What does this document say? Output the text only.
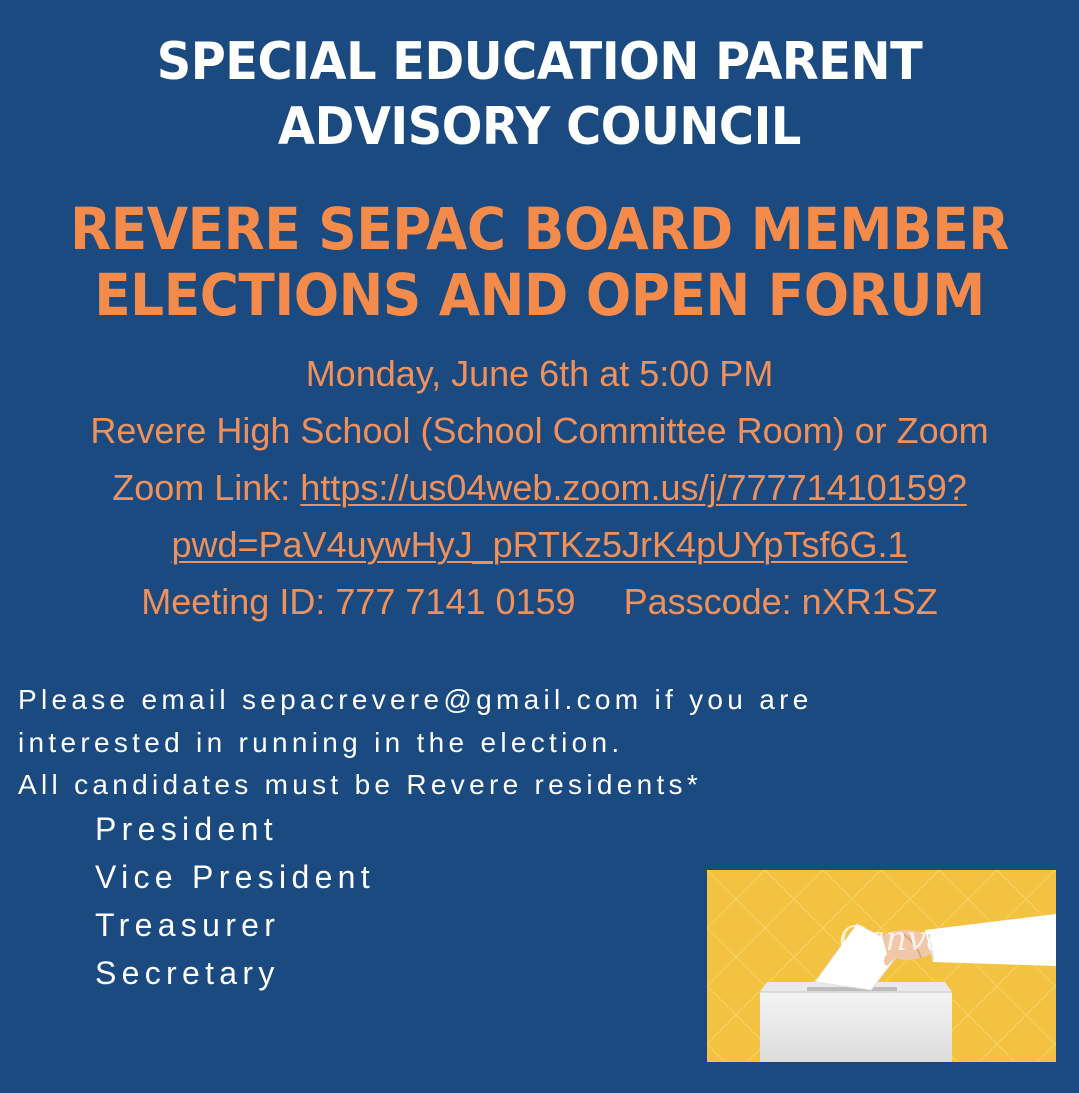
SPECIAL EDUCATION PARENT
ADVISORY COUNCIL
REVERE SEPAC BOARD MEMBER
ELECTIONS AND OPEN FORUM
Monday, June 6th at 5:00 PM
Revere High School (School Committee Room) or Zoom
Zoom Link: https://us04web.zoom.us/j/77771410159?
pwd=PaV4uywHyJ_pRTKz5JrK4pUYpTsf6G.1
Meeting ID: 777 7141 0159 Passcode: nXR1SZ
Please email sepacrevere@gmail.com if you are
interested in running in the election.
All candidates must be Revere residents*
President
Vice President
Treasurer
Secretary
Canva
